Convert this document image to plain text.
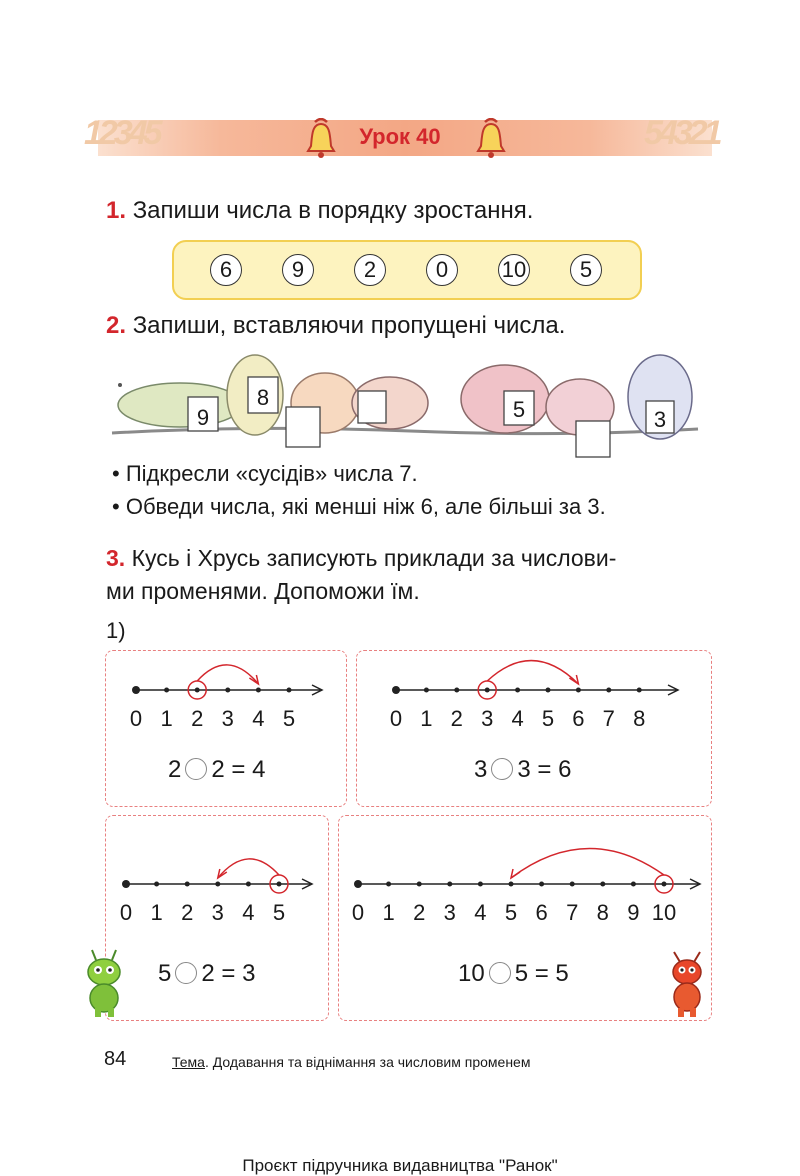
12345	54321
Урок 40
1. Запиши числа в порядку зростання.
6	9	2	0	10	5
2. Запиши, вставляючи пропущені числа.
9
8	5	3
• Підкресли «сусідів» числа 7.
• Обведи числа, які менші ніж 6, але більші за 3.
3. Кусь і Хрусь записують приклади за числови-
ми променями. Допоможи їм.
1)
0 1 2 3 4 5	0 1 2 3 4 5 6 7 8
0 1 2 3 4 5	0 1 2 3 4 5 6 7 8 9 10
2 2 = 4	3 3 = 6
5 2 = 3	10 5 = 5
84	Тема. Додавання та віднімання за числовим променем
Проєкт підручника видавництва "Ранок"
